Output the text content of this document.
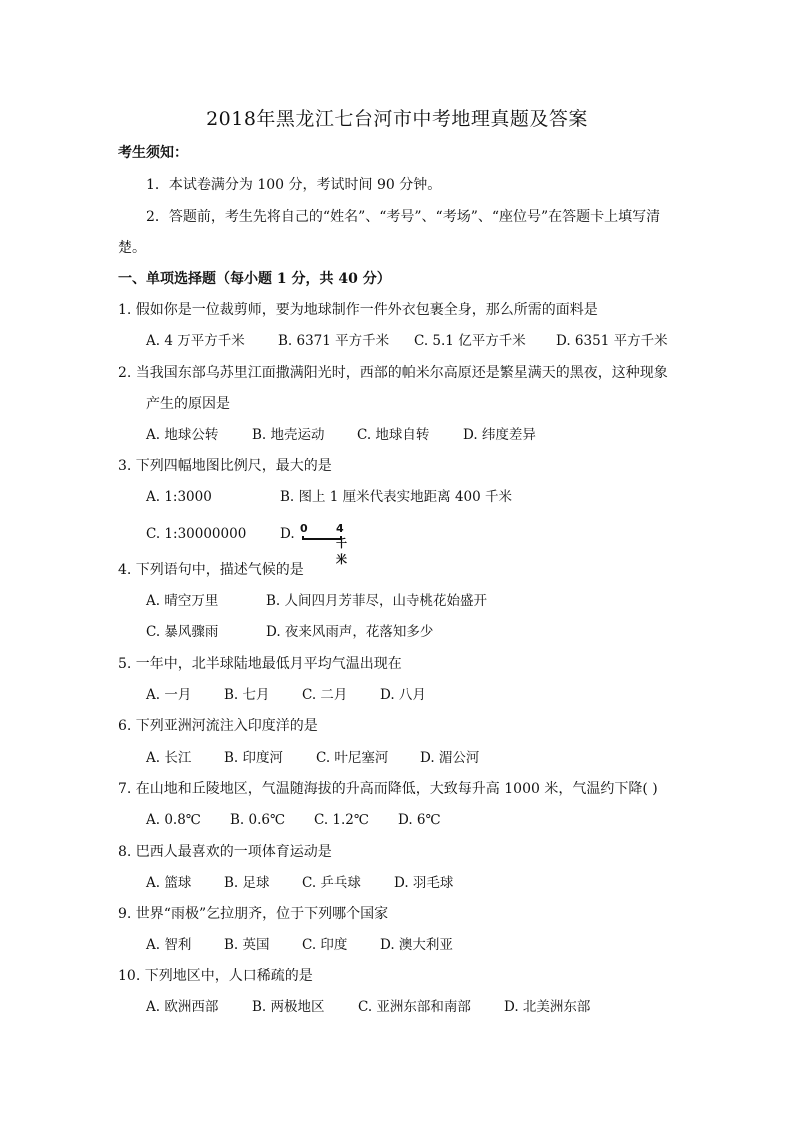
2018年黑龙江七台河市中考地理真题及答案
考生须知：
1．本试卷满分为 100 分，考试时间 90 分钟。
2．答题前，考生先将自己的“姓名”、“考号”、“考场”、“座位号”在答题卡上填写清
楚。
一、单项选择题（每小题 1 分，共 40 分）
1. 假如你是一位裁剪师，要为地球制作一件外衣包裹全身，那么所需的面料是
A. 4 万平方千米 B. 6371 平方千米 C. 5.1 亿平方千米 D. 6351 平方千米
2. 当我国东部乌苏里江面撒满阳光时，西部的帕米尔高原还是繁星满天的黑夜，这种现象
产生的原因是
A. 地球公转 B. 地壳运动 C. 地球自转 D. 纬度差异
3. 下列四幅地图比例尺，最大的是
A. 1:3000	B. 图上 1 厘米代表实地距离 400 千米
C. 1:30000000 D. 0	4千米
4. 下列语句中，描述气候的是
A. 晴空万里	B. 人间四月芳菲尽，山寺桃花始盛开
C. 暴风骤雨	D. 夜来风雨声，花落知多少
5. 一年中，北半球陆地最低月平均气温出现在
A. 一月 B. 七月 C. 二月 D. 八月
6. 下列亚洲河流注入印度洋的是
A. 长江 B. 印度河 C. 叶尼塞河 D. 湄公河
7. 在山地和丘陵地区，气温随海拔的升高而降低，大致每升高 1000 米，气温约下降( )
A. 0.8℃ B. 0.6℃ C. 1.2℃ D. 6℃
8. 巴西人最喜欢的一项体育运动是
A. 篮球 B. 足球 C. 乒乓球 D. 羽毛球
9. 世界“雨极”乞拉朋齐，位于下列哪个国家
A. 智利 B. 英国 C. 印度 D. 澳大利亚
10. 下列地区中，人口稀疏的是
A. 欧洲西部 B. 两极地区 C. 亚洲东部和南部 D. 北美洲东部
